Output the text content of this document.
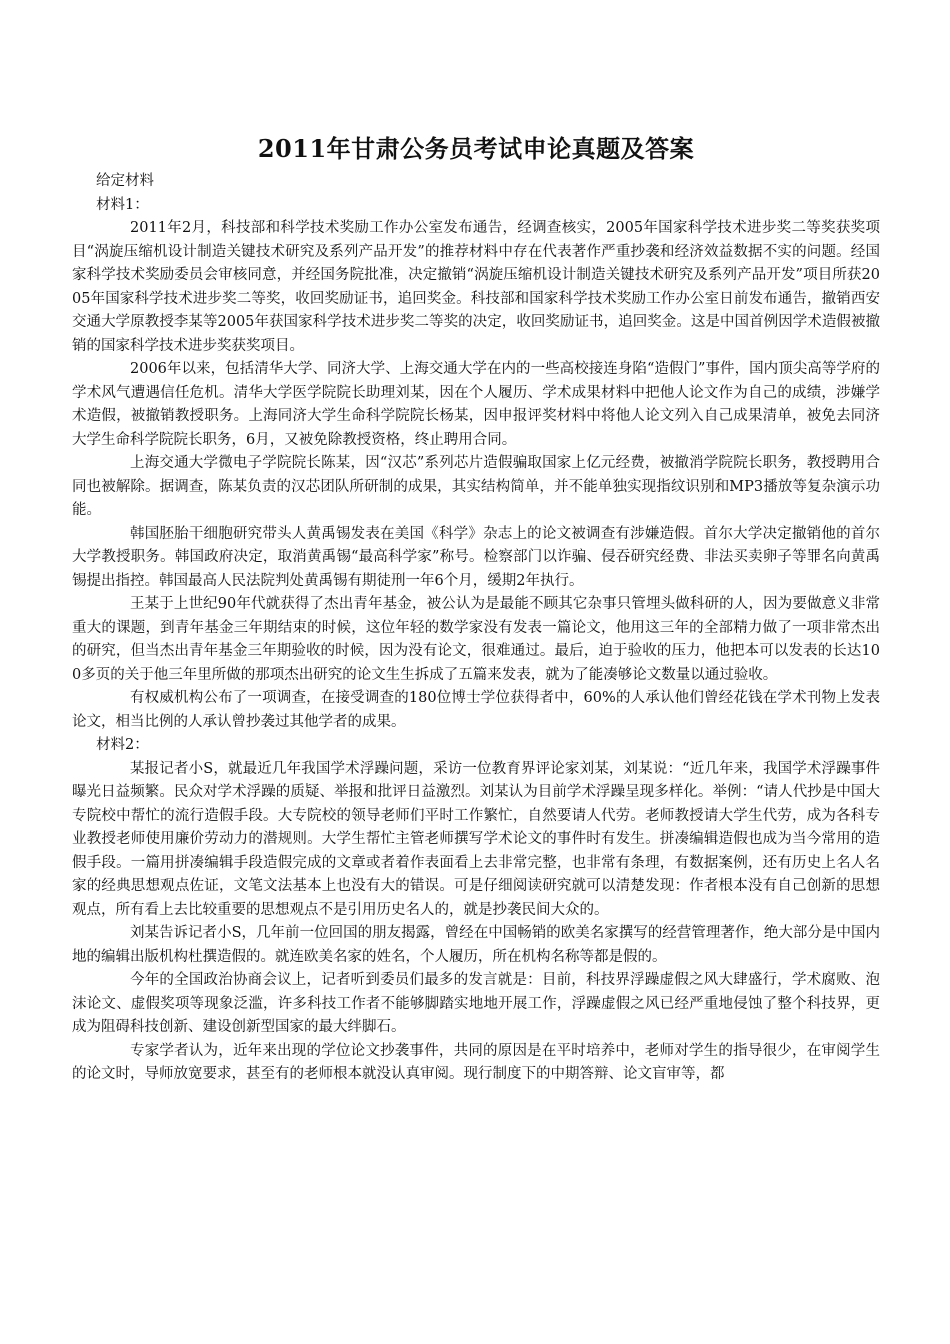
2011年甘肃公务员考试申论真题及答案

给定材料

材料1：

2011年2月，科技部和科学技术奖励工作办公室发布通告，经调查核实，2005年国家科学技术进步奖二等奖获奖项目“涡旋压缩机设计制造关键技术研究及系列产品开发”的推荐材料中存在代表著作严重抄袭和经济效益数据不实的问题。经国家科学技术奖励委员会审核同意，并经国务院批准，决定撤销“涡旋压缩机设计制造关键技术研究及系列产品开发”项目所获2005年国家科学技术进步奖二等奖，收回奖励证书，追回奖金。科技部和国家科学技术奖励工作办公室日前发布通告，撤销西安交通大学原教授李某等2005年获国家科学技术进步奖二等奖的决定，收回奖励证书，追回奖金。这是中国首例因学术造假被撤销的国家科学技术进步奖获奖项目。

2006年以来，包括清华大学、同济大学、上海交通大学在内的一些高校接连身陷“造假门”事件，国内顶尖高等学府的学术风气遭遇信任危机。清华大学医学院院长助理刘某，因在个人履历、学术成果材料中把他人论文作为自己的成绩，涉嫌学术造假，被撤销教授职务。上海同济大学生命科学院院长杨某，因申报评奖材料中将他人论文列入自己成果清单，被免去同济大学生命科学院院长职务，6月，又被免除教授资格，终止聘用合同。

上海交通大学微电子学院院长陈某，因“汉芯”系列芯片造假骗取国家上亿元经费，被撤消学院院长职务，教授聘用合同也被解除。据调查，陈某负责的汉芯团队所研制的成果，其实结构简单，并不能单独实现指纹识别和MP3播放等复杂演示功能。

韩国胚胎干细胞研究带头人黄禹锡发表在美国《科学》杂志上的论文被调查有涉嫌造假。首尔大学决定撤销他的首尔大学教授职务。韩国政府决定，取消黄禹锡“最高科学家”称号。检察部门以诈骗、侵吞研究经费、非法买卖卵子等罪名向黄禹锡提出指控。韩国最高人民法院判处黄禹锡有期徒刑一年6个月，缓期2年执行。

王某于上世纪90年代就获得了杰出青年基金，被公认为是最能不顾其它杂事只管埋头做科研的人，因为要做意义非常重大的课题，到青年基金三年期结束的时候，这位年轻的数学家没有发表一篇论文，他用这三年的全部精力做了一项非常杰出的研究，但当杰出青年基金三年期验收的时候，因为没有论文，很难通过。最后，迫于验收的压力，他把本可以发表的长达100多页的关于他三年里所做的那项杰出研究的论文生生拆成了五篇来发表，就为了能凑够论文数量以通过验收。

有权威机构公布了一项调查，在接受调查的180位博士学位获得者中，60%的人承认他们曾经花钱在学术刊物上发表论文，相当比例的人承认曾抄袭过其他学者的成果。

材料2：

某报记者小S，就最近几年我国学术浮躁问题，采访一位教育界评论家刘某，刘某说：“近几年来，我国学术浮躁事件曝光日益频繁。民众对学术浮躁的质疑、举报和批评日益激烈。刘某认为目前学术浮躁呈现多样化。举例：“请人代抄是中国大专院校中帮忙的流行造假手段。大专院校的领导老师们平时工作繁忙，自然要请人代劳。老师教授请大学生代劳，成为各科专业教授老师使用廉价劳动力的潜规则。大学生帮忙主管老师撰写学术论文的事件时有发生。拼凑编辑造假也成为当今常用的造假手段。一篇用拼凑编辑手段造假完成的文章或者着作表面看上去非常完整，也非常有条理，有数据案例，还有历史上名人名家的经典思想观点佐证，文笔文法基本上也没有大的错误。可是仔细阅读研究就可以清楚发现：作者根本没有自己创新的思想观点，所有看上去比较重要的思想观点不是引用历史名人的，就是抄袭民间大众的。

刘某告诉记者小S，几年前一位回国的朋友揭露，曾经在中国畅销的欧美名家撰写的经营管理著作，绝大部分是中国内地的编辑出版机构杜撰造假的。就连欧美名家的姓名，个人履历，所在机构名称等都是假的。

今年的全国政治协商会议上，记者听到委员们最多的发言就是：目前，科技界浮躁虚假之风大肆盛行，学术腐败、泡沫论文、虚假奖项等现象泛滥，许多科技工作者不能够脚踏实地地开展工作，浮躁虚假之风已经严重地侵蚀了整个科技界，更成为阻碍科技创新、建设创新型国家的最大绊脚石。

专家学者认为，近年来出现的学位论文抄袭事件，共同的原因是在平时培养中，老师对学生的指导很少，在审阅学生的论文时，导师放宽要求，甚至有的老师根本就没认真审阅。现行制度下的中期答辩、论文盲审等，都
